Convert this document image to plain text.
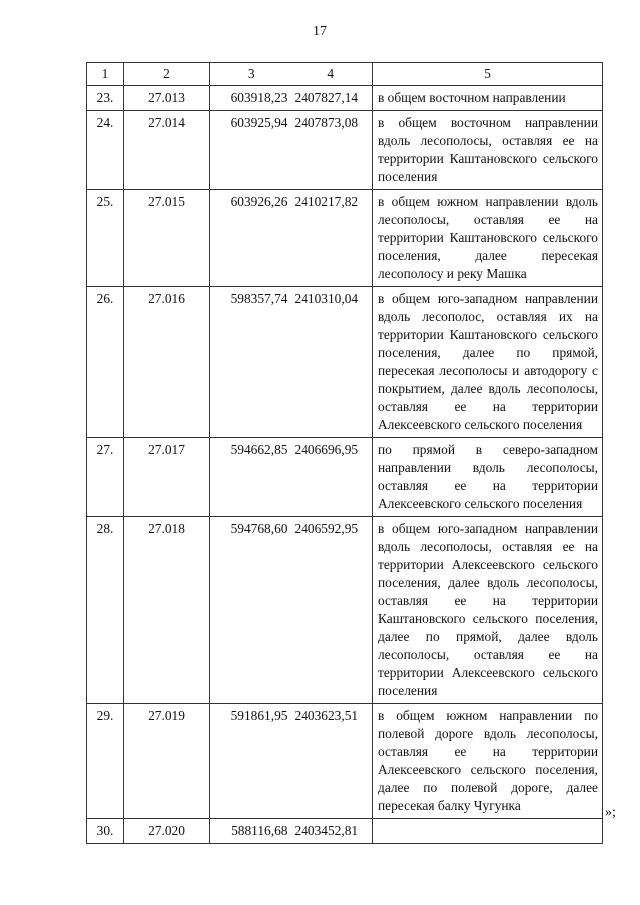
17
1	2	3	4	5
23.	27.013	603918,23	2407827,14	в общем восточном направлении
24.	27.014	603925,94	2407873,08	в общем восточном направлении вдоль лесополосы, оставляя ее на территории Каштановского сельского поселения
25.	27.015	603926,26	2410217,82	в общем южном направлении вдоль лесополосы, оставляя ее на территории Каштановского сельского поселения, далее пересекая лесополосу и реку Машка
26.	27.016	598357,74	2410310,04	в общем юго-западном направлении вдоль лесополос, оставляя их на территории Каштановского сельского поселения, далее по прямой, пересекая лесополосы и автодорогу с покрытием, далее вдоль лесополосы, оставляя ее на территории Алексеевского сельского поселения
27.	27.017	594662,85	2406696,95	по прямой в северо-западном направлении вдоль лесополосы, оставляя ее на территории Алексеевского сельского поселения
28.	27.018	594768,60	2406592,95	в общем юго-западном направлении вдоль лесополосы, оставляя ее на территории Алексеевского сельского поселения, далее вдоль лесополосы, оставляя ее на территории Каштановского сельского поселения, далее по прямой, далее вдоль лесополосы, оставляя ее на территории Алексеевского сельского поселения
29.	27.019	591861,95	2403623,51	в общем южном направлении по полевой дороге вдоль лесополосы, оставляя ее на территории Алексеевского сельского поселения, далее по полевой дороге, далее пересекая балку Чугунка
30.	27.020	588116,68	2403452,81	
»;
